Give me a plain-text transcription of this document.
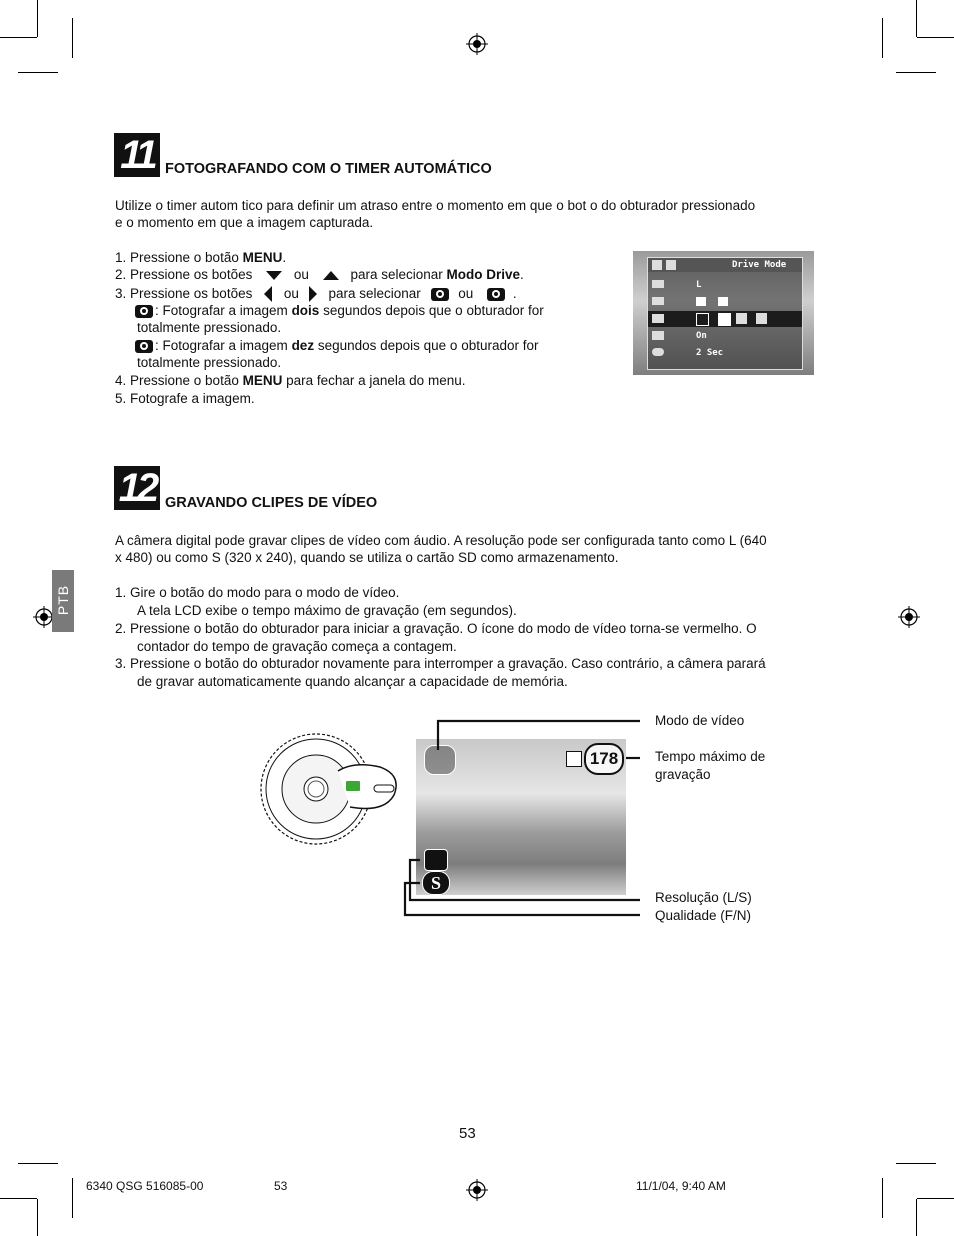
11 FOTOGRAFANDO COM O TIMER AUTOMÁTICO
Utilize o timer autom tico para definir um atraso entre o momento em que o bot o do obturador pressionado
e o momento em que a imagem capturada.
1. Pressione o botão MENU.
2. Pressione os botões	ou	para selecionar Modo Drive.
3. Pressione os botões ou para selecionar	ou	.
: Fotografar a imagem dois segundos depois que o obturador for
totalmente pressionado.
: Fotografar a imagem dez segundos depois que o obturador for
totalmente pressionado.
4. Pressione o botão MENU para fechar a janela do menu.
5. Fotografe a imagem.
Drive Mode
L
On
2 Sec
12 GRAVANDO CLIPES DE VÍDEO
A câmera digital pode gravar clipes de vídeo com áudio. A resolução pode ser configurada tanto como L (640
x 480) ou como S (320 x 240), quando se utiliza o cartão SD como armazenamento.
1. Gire o botão do modo para o modo de vídeo.
A tela LCD exibe o tempo máximo de gravação (em segundos).
2. Pressione o botão do obturador para iniciar a gravação. O ícone do modo de vídeo torna-se vermelho. O
contador do tempo de gravação começa a contagem.
3. Pressione o botão do obturador novamente para interromper a gravação. Caso contrário, a câmera parará
de gravar automaticamente quando alcançar a capacidade de memória.
PTB
178
S
Modo de vídeo
Tempo máximo de
gravação
Resolução (L/S)
Qualidade (F/N)
53
6340 QSG 516085-00	53	11/1/04, 9:40 AM
